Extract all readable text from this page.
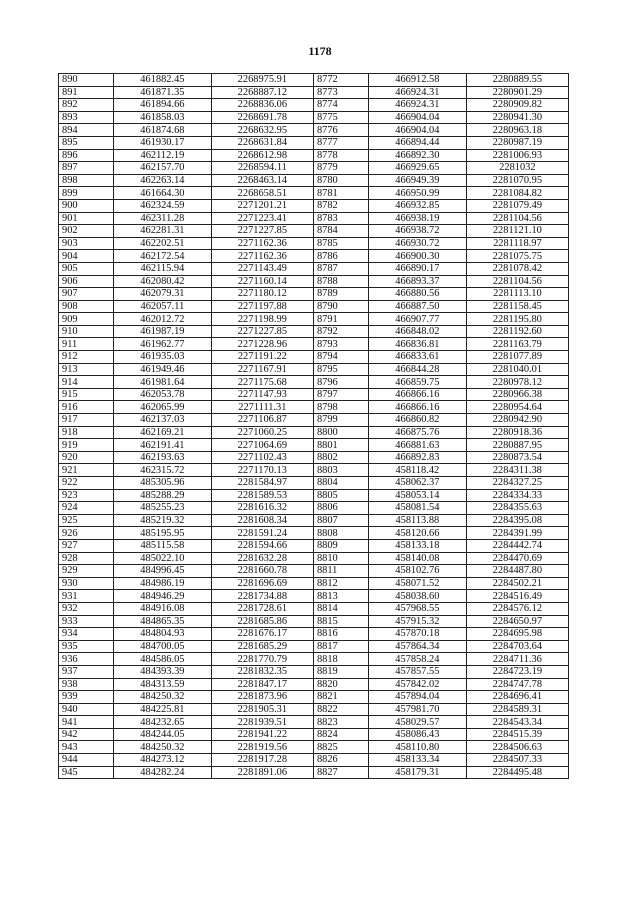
1178
890	461882.45	2268975.91	8772	466912.58	2280889.55
891	461871.35	2268887.12	8773	466924.31	2280901.29
892	461894.66	2268836.06	8774	466924.31	2280909.82
893	461858.03	2268691.78	8775	466904.04	2280941.30
894	461874.68	2268632.95	8776	466904.04	2280963.18
895	461930.17	2268631.84	8777	466894.44	2280987.19
896	462112.19	2268612.98	8778	466892.30	2281006.93
897	462157.70	2268594.11	8779	466929.65	2281032
898	462263.14	2268463.14	8780	466949.39	2281070.95
899	461664.30	2268658.51	8781	466950.99	2281084.82
900	462324.59	2271201.21	8782	466932.85	2281079.49
901	462311.28	2271223.41	8783	466938.19	2281104.56
902	462281.31	2271227.85	8784	466938.72	2281121.10
903	462202.51	2271162.36	8785	466930.72	2281118.97
904	462172.54	2271162.36	8786	466900.30	2281075.75
905	462115.94	2271143.49	8787	466890.17	2281078.42
906	462080.42	2271160.14	8788	466893.37	2281104.56
907	462079.31	2271180.12	8789	466880.56	2281113.10
908	462057.11	2271197.88	8790	466887.50	2281158.45
909	462012.72	2271198.99	8791	466907.77	2281195.80
910	461987.19	2271227.85	8792	466848.02	2281192.60
911	461962.77	2271228.96	8793	466836.81	2281163.79
912	461935.03	2271191.22	8794	466833.61	2281077.89
913	461949.46	2271167.91	8795	466844.28	2281040.01
914	461981.64	2271175.68	8796	466859.75	2280978.12
915	462053.78	2271147.93	8797	466866.16	2280966.38
916	462065.99	2271111.31	8798	466866.16	2280954.64
917	462137.03	2271106.87	8799	466860.82	2280942.90
918	462169.21	2271060.25	8800	466875.76	2280918.36
919	462191.41	2271064.69	8801	466881.63	2280887.95
920	462193.63	2271102.43	8802	466892.83	2280873.54
921	462315.72	2271170.13	8803	458118.42	2284311.38
922	485305.96	2281584.97	8804	458062.37	2284327.25
923	485288.29	2281589.53	8805	458053.14	2284334.33
924	485255.23	2281616.32	8806	458081.54	2284355.63
925	485219.32	2281608.34	8807	458113.88	2284395.08
926	485195.95	2281591.24	8808	458120.66	2284391.99
927	485115.58	2281594.66	8809	458133.18	2284442.74
928	485022.10	2281632.28	8810	458140.08	2284470.69
929	484996.45	2281660.78	8811	458102.76	2284487.80
930	484986.19	2281696.69	8812	458071.52	2284502.21
931	484946.29	2281734.88	8813	458038.60	2284516.49
932	484916.08	2281728.61	8814	457968.55	2284576.12
933	484865.35	2281685.86	8815	457915.32	2284650.97
934	484804.93	2281676.17	8816	457870.18	2284695.98
935	484700.05	2281685.29	8817	457864.34	2284703.64
936	484586.05	2281770.79	8818	457858.24	2284711.36
937	484393.39	2281832.35	8819	457857.55	2284723.19
938	484313.59	2281847.17	8820	457842.02	2284747.78
939	484250.32	2281873.96	8821	457894.04	2284696.41
940	484225.81	2281905.31	8822	457981.70	2284589.31
941	484232.65	2281939.51	8823	458029.57	2284543.34
942	484244.05	2281941.22	8824	458086.43	2284515.39
943	484250.32	2281919.56	8825	458110.80	2284506.63
944	484273.12	2281917.28	8826	458133.34	2284507.33
945	484282.24	2281891.06	8827	458179.31	2284495.48
